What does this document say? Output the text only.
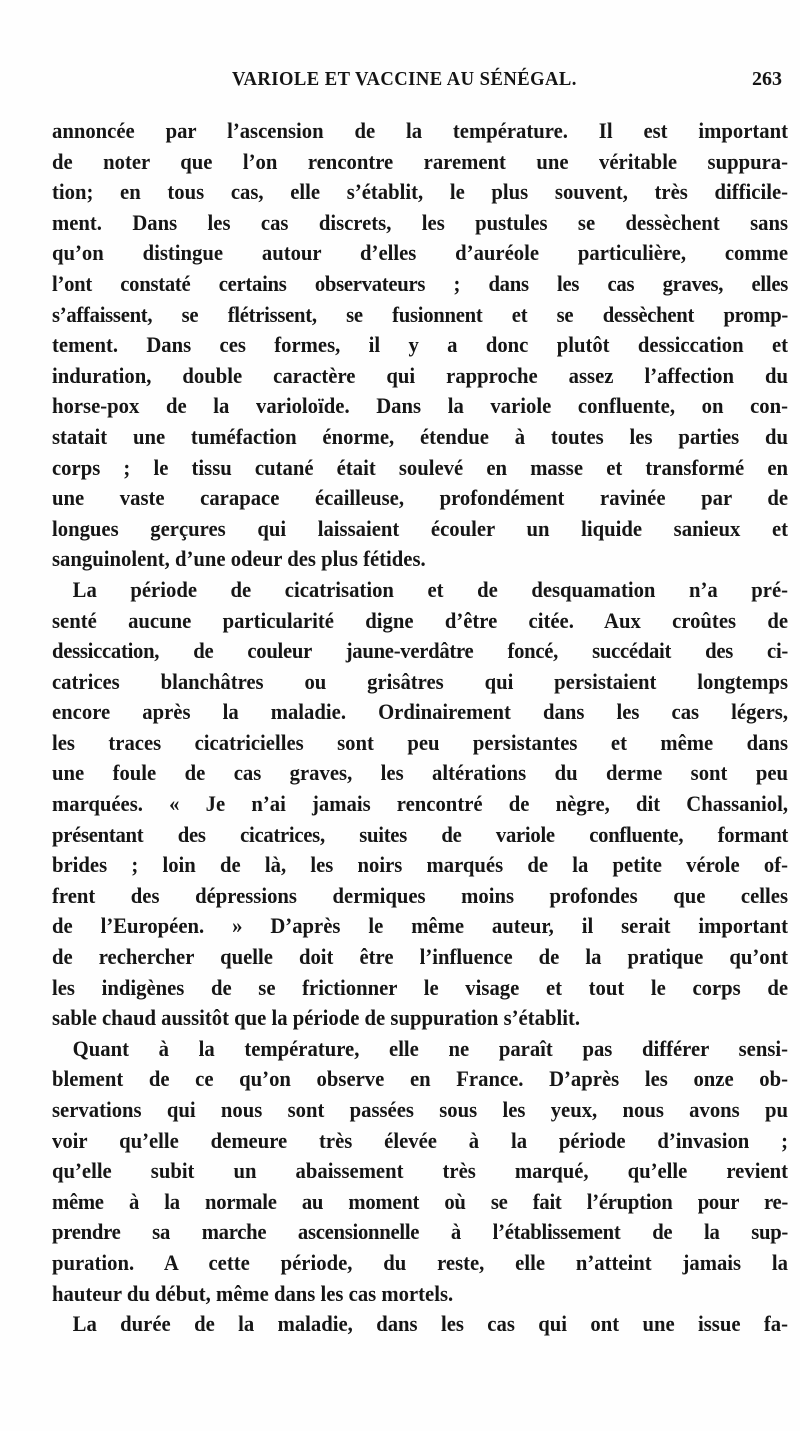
VARIOLE ET VACCINE AU SÉNÉGAL.	263
annoncée par l’ascension de la température. Il est important
de noter que l’on rencontre rarement une véritable suppura-
tion; en tous cas, elle s’établit, le plus souvent, très difficile-
ment. Dans les cas discrets, les pustules se dessèchent sans
qu’on distingue autour d’elles d’auréole particulière, comme
l’ont constaté certains observateurs ; dans les cas graves, elles
s’affaissent, se flétrissent, se fusionnent et se dessèchent promp-
tement. Dans ces formes, il y a donc plutôt dessiccation et
induration, double caractère qui rapproche assez l’affection du
horse-pox de la varioloïde. Dans la variole confluente, on con-
statait une tuméfaction énorme, étendue à toutes les parties du
corps ; le tissu cutané était soulevé en masse et transformé en
une vaste carapace écailleuse, profondément ravinée par de
longues gerçures qui laissaient écouler un liquide sanieux et
sanguinolent, d’une odeur des plus fétides.
La période de cicatrisation et de desquamation n’a pré-
senté aucune particularité digne d’être citée. Aux croûtes de
dessiccation, de couleur jaune-verdâtre foncé, succédait des ci-
catrices blanchâtres ou grisâtres qui persistaient longtemps
encore après la maladie. Ordinairement dans les cas légers,
les traces cicatricielles sont peu persistantes et même dans
une foule de cas graves, les altérations du derme sont peu
marquées. « Je n’ai jamais rencontré de nègre, dit Chassaniol,
présentant des cicatrices, suites de variole confluente, formant
brides ; loin de là, les noirs marqués de la petite vérole of-
frent des dépressions dermiques moins profondes que celles
de l’Européen. » D’après le même auteur, il serait important
de rechercher quelle doit être l’influence de la pratique qu’ont
les indigènes de se frictionner le visage et tout le corps de
sable chaud aussitôt que la période de suppuration s’établit.
Quant à la température, elle ne paraît pas différer sensi-
blement de ce qu’on observe en France. D’après les onze ob-
servations qui nous sont passées sous les yeux, nous avons pu
voir qu’elle demeure très élevée à la période d’invasion ;
qu’elle subit un abaissement très marqué, qu’elle revient
même à la normale au moment où se fait l’éruption pour re-
prendre sa marche ascensionnelle à l’établissement de la sup-
puration. A cette période, du reste, elle n’atteint jamais la
hauteur du début, même dans les cas mortels.
La durée de la maladie, dans les cas qui ont une issue fa-
